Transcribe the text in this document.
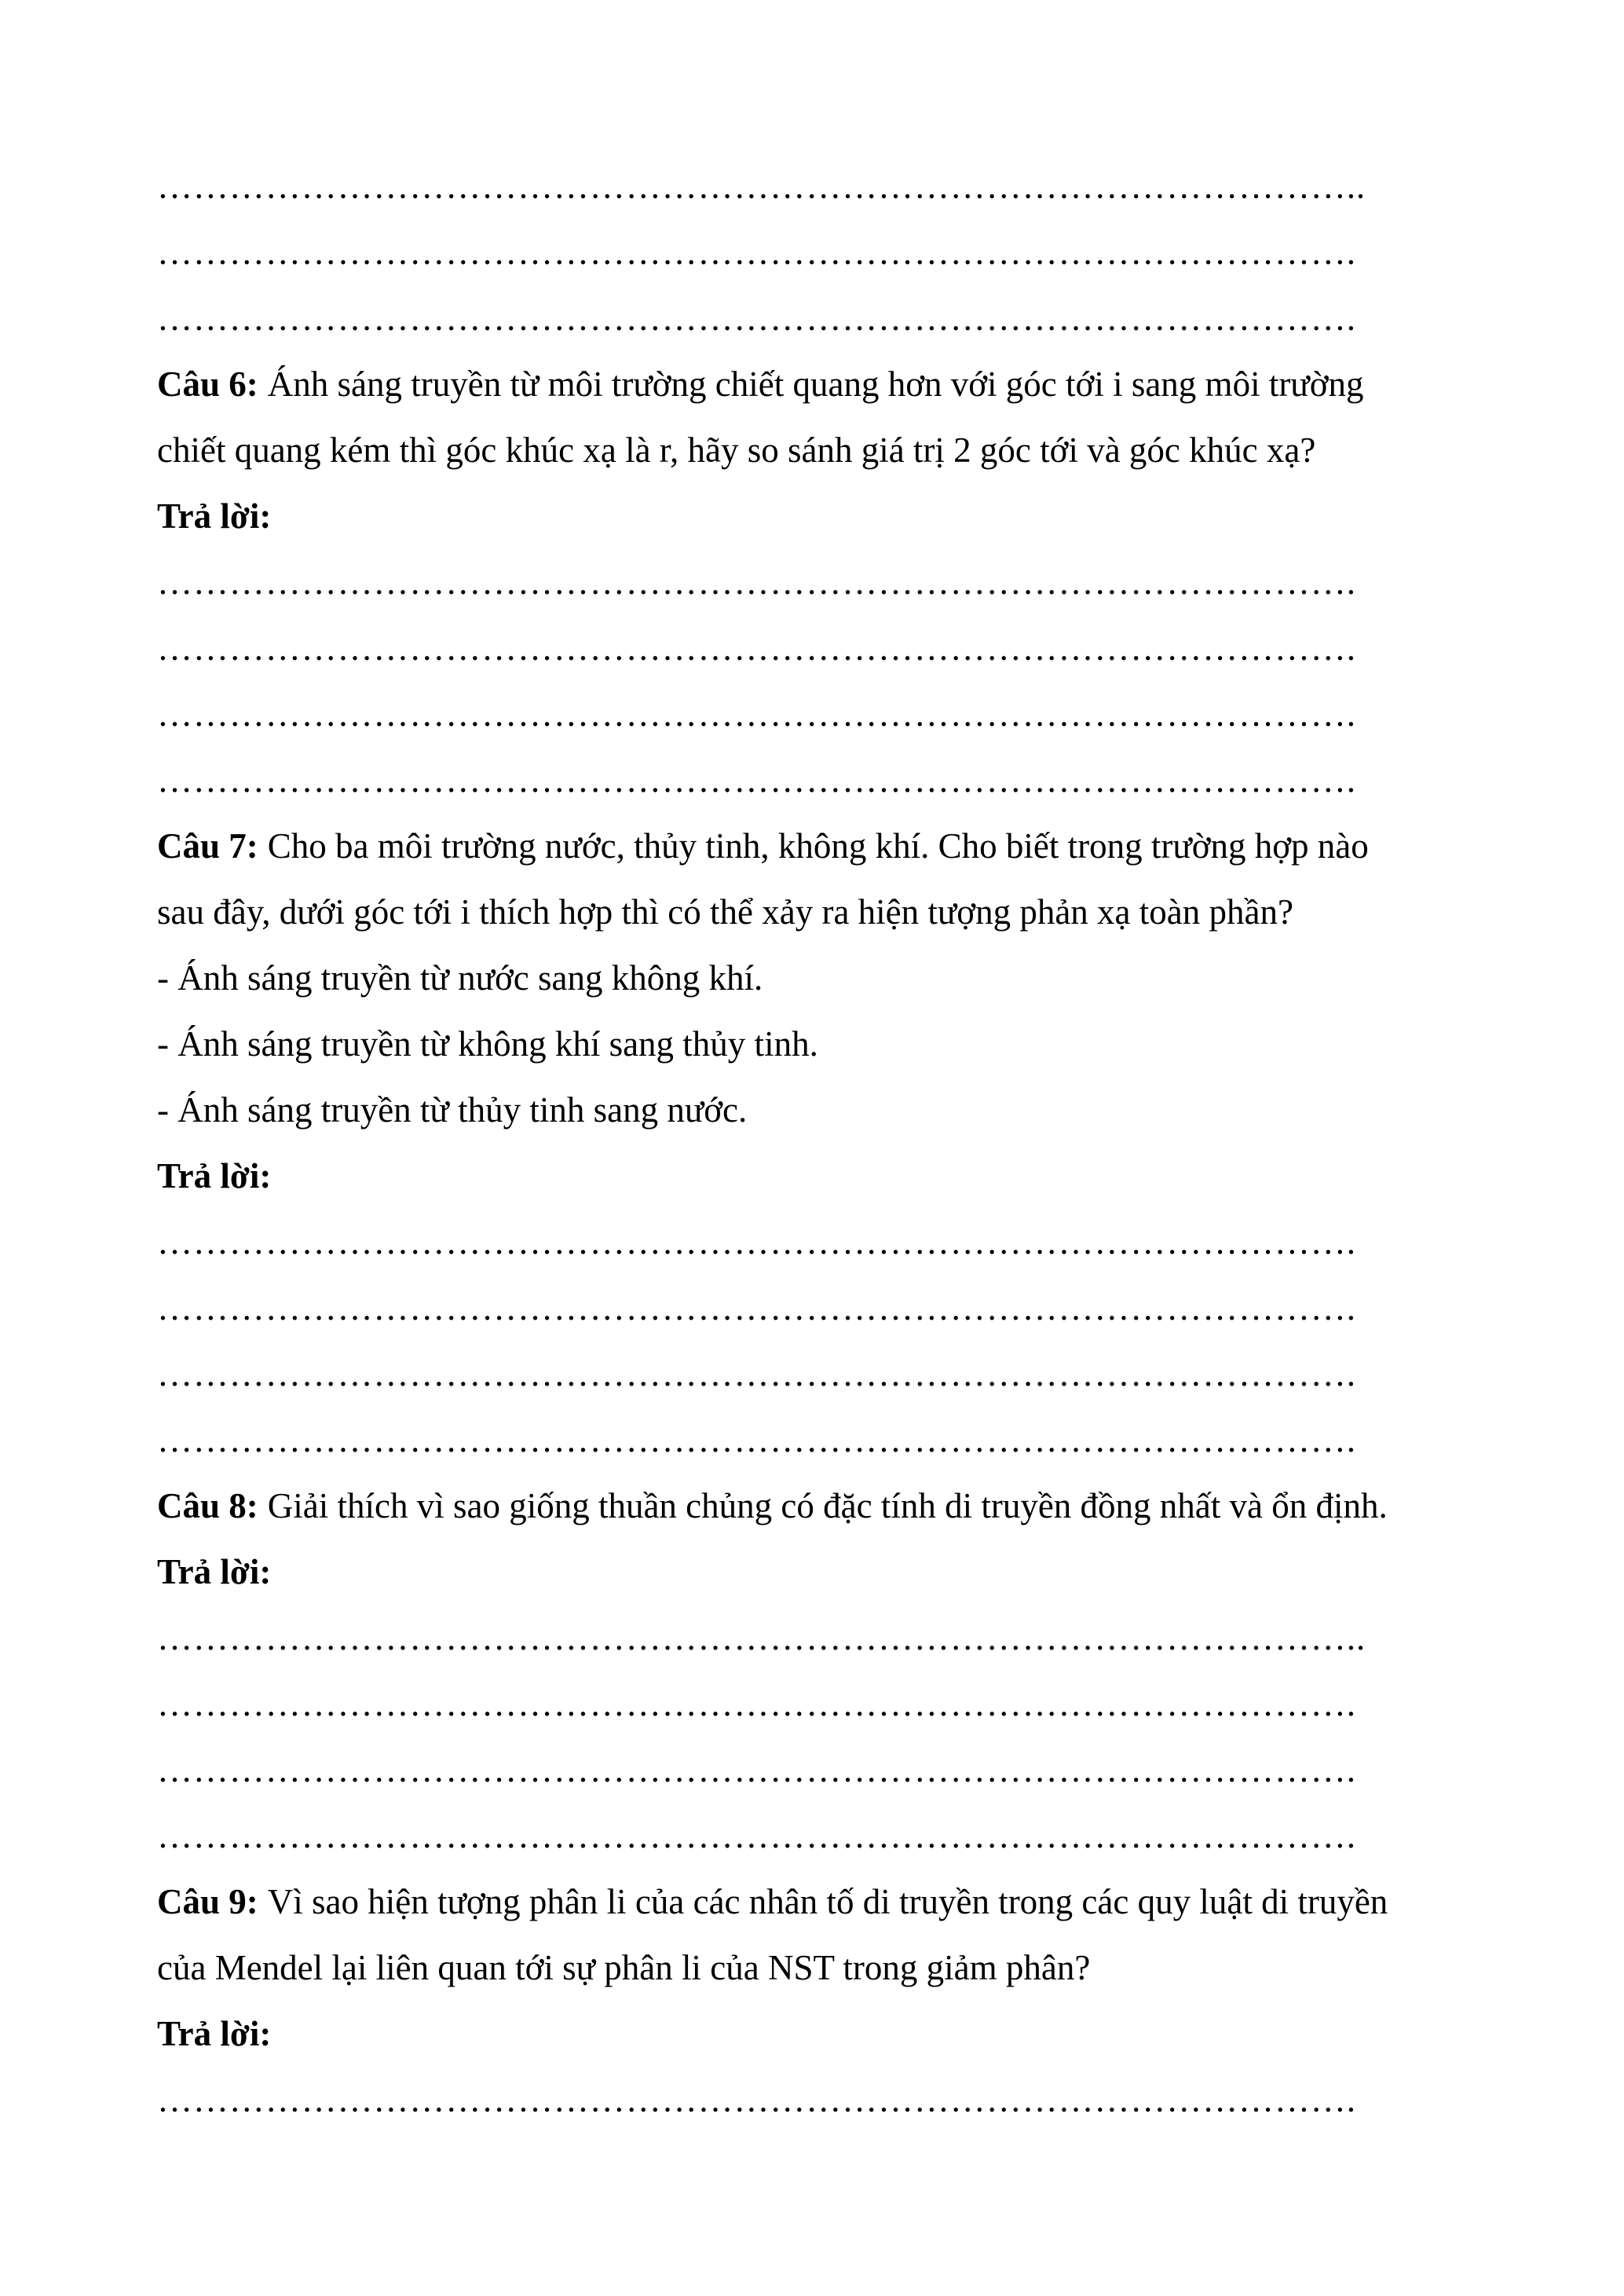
………………………………………………………………………………………..
……………………………………………………………………………………….
……………………………………………………………………………………….
Câu 6: Ánh sáng truyền từ môi trường chiết quang hơn với góc tới i sang môi trường
chiết quang kém thì góc khúc xạ là r, hãy so sánh giá trị 2 góc tới và góc khúc xạ?
Trả lời:
……………………………………………………………………………………….
……………………………………………………………………………………….
……………………………………………………………………………………….
……………………………………………………………………………………….
Câu 7: Cho ba môi trường nước, thủy tinh, không khí. Cho biết trong trường hợp nào
sau đây, dưới góc tới i thích hợp thì có thể xảy ra hiện tượng phản xạ toàn phần?
- Ánh sáng truyền từ nước sang không khí.
- Ánh sáng truyền từ không khí sang thủy tinh.
- Ánh sáng truyền từ thủy tinh sang nước.
Trả lời:
……………………………………………………………………………………….
……………………………………………………………………………………….
……………………………………………………………………………………….
……………………………………………………………………………………….
Câu 8: Giải thích vì sao giống thuần chủng có đặc tính di truyền đồng nhất và ổn định.
Trả lời:
………………………………………………………………………………………..
……………………………………………………………………………………….
……………………………………………………………………………………….
……………………………………………………………………………………….
Câu 9: Vì sao hiện tượng phân li của các nhân tố di truyền trong các quy luật di truyền
của Mendel lại liên quan tới sự phân li của NST trong giảm phân?
Trả lời:
……………………………………………………………………………………….
